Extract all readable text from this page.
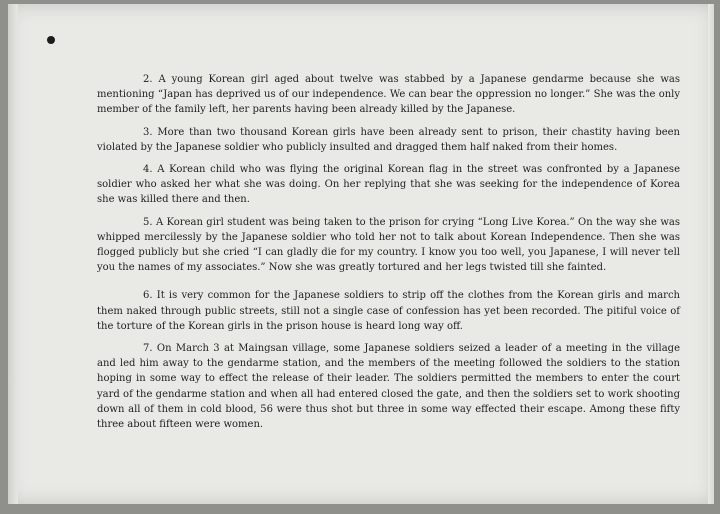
2. A young Korean girl aged about twelve was stabbed by a Japanese gendarme because she was mentioning “Japan has deprived us of our independence. We can bear the oppression no longer.” She was the only member of the family left, her parents having been already killed by the Japanese.

3. More than two thousand Korean girls have been already sent to prison, their chastity having been violated by the Japanese soldier who publicly insulted and dragged them half naked from their homes.

4. A Korean child who was flying the original Korean flag in the street was confronted by a Japanese soldier who asked her what she was doing. On her replying that she was seeking for the independence of Korea she was killed there and then.

5. A Korean girl student was being taken to the prison for crying “Long Live Korea.” On the way she was whipped mercilessly by the Japanese soldier who told her not to talk about Korean Independence. Then she was flogged publicly but she cried “I can gladly die for my country. I know you too well, you Japanese, I will never tell you the names of my associates.” Now she was greatly tortured and her legs twisted till she fainted.

6. It is very common for the Japanese soldiers to strip off the clothes from the Korean girls and march them naked through public streets, still not a single case of confession has yet been recorded. The pitiful voice of the torture of the Korean girls in the prison house is heard long way off.

7. On March 3 at Maingsan village, some Japanese soldiers seized a leader of a meeting in the village and led him away to the gendarme station, and the members of the meeting followed the soldiers to the station hoping in some way to effect the release of their leader. The soldiers permitted the members to enter the court yard of the gendarme station and when all had entered closed the gate, and then the soldiers set to work shooting down all of them in cold blood, 56 were thus shot but three in some way effected their escape. Among these fifty three about fifteen were women.
